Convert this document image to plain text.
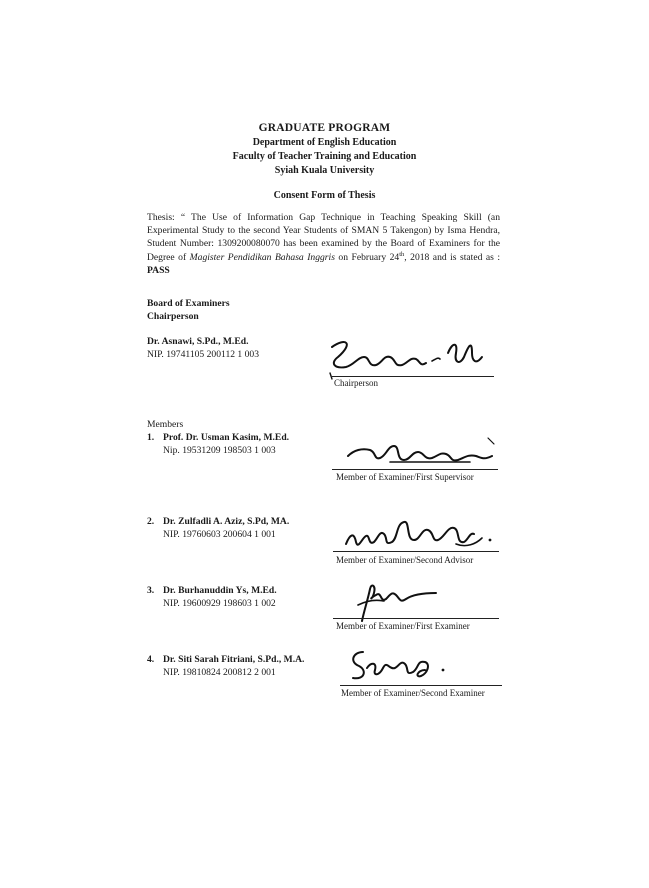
GRADUATE PROGRAM
Department of English Education
Faculty of Teacher Training and Education
Syiah Kuala University
Consent Form of Thesis
Thesis: “ The Use of Information Gap Technique in Teaching Speaking Skill (an Experimental Study to the second Year Students of SMAN 5 Takengon) by Isma Hendra, Student Number: 1309200080070 has been examined by the Board of Examiners for the Degree of Magister Pendidikan Bahasa Inggris on February 24th, 2018 and is stated as : PASS
Board of Examiners
Chairperson
Dr. Asnawi, S.Pd., M.Ed.
NIP. 19741105 200112 1 003
Chairperson
Members
1. Prof. Dr. Usman Kasim, M.Ed.
Nip. 19531209 198503 1 003
Member of Examiner/First Supervisor
2. Dr. Zulfadli A. Aziz, S.Pd, MA.
NIP. 19760603 200604 1 001
Member of Examiner/Second Advisor
3. Dr. Burhanuddin Ys, M.Ed.
NIP. 19600929 198603 1 002
Member of Examiner/First Examiner
4. Dr. Siti Sarah Fitriani, S.Pd., M.A.
NIP. 19810824 200812 2 001
Member of Examiner/Second Examiner
